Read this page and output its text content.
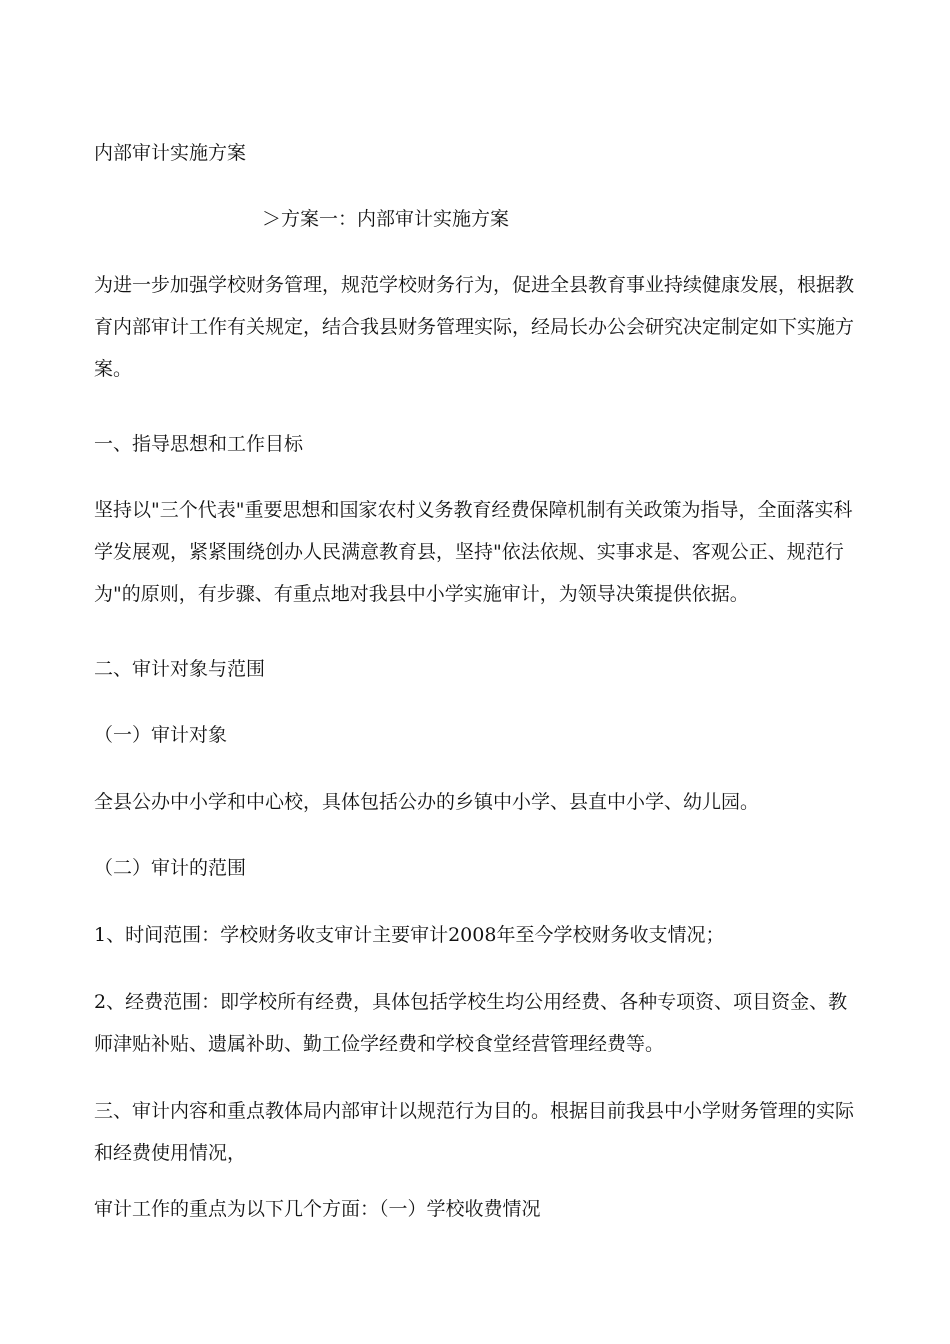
内部审计实施方案
＞方案一：内部审计实施方案
为进一步加强学校财务管理，规范学校财务行为，促进全县教育事业持续健康发展，根据教
育内部审计工作有关规定，结合我县财务管理实际，经局长办公会研究决定制定如下实施方
案。
一、指导思想和工作目标
坚持以"三个代表"重要思想和国家农村义务教育经费保障机制有关政策为指导，全面落实科
学发展观，紧紧围绕创办人民满意教育县，坚持"依法依规、实事求是、客观公正、规范行
为"的原则，有步骤、有重点地对我县中小学实施审计，为领导决策提供依据。
二、审计对象与范围
（一）审计对象
全县公办中小学和中心校，具体包括公办的乡镇中小学、县直中小学、幼儿园。
（二）审计的范围
1、时间范围：学校财务收支审计主要审计2008年至今学校财务收支情况；
2、经费范围：即学校所有经费，具体包括学校生均公用经费、各种专项资、项目资金、教
师津贴补贴、遗属补助、勤工俭学经费和学校食堂经营管理经费等。
三、审计内容和重点教体局内部审计以规范行为目的。根据目前我县中小学财务管理的实际
和经费使用情况，
审计工作的重点为以下几个方面：（一）学校收费情况
